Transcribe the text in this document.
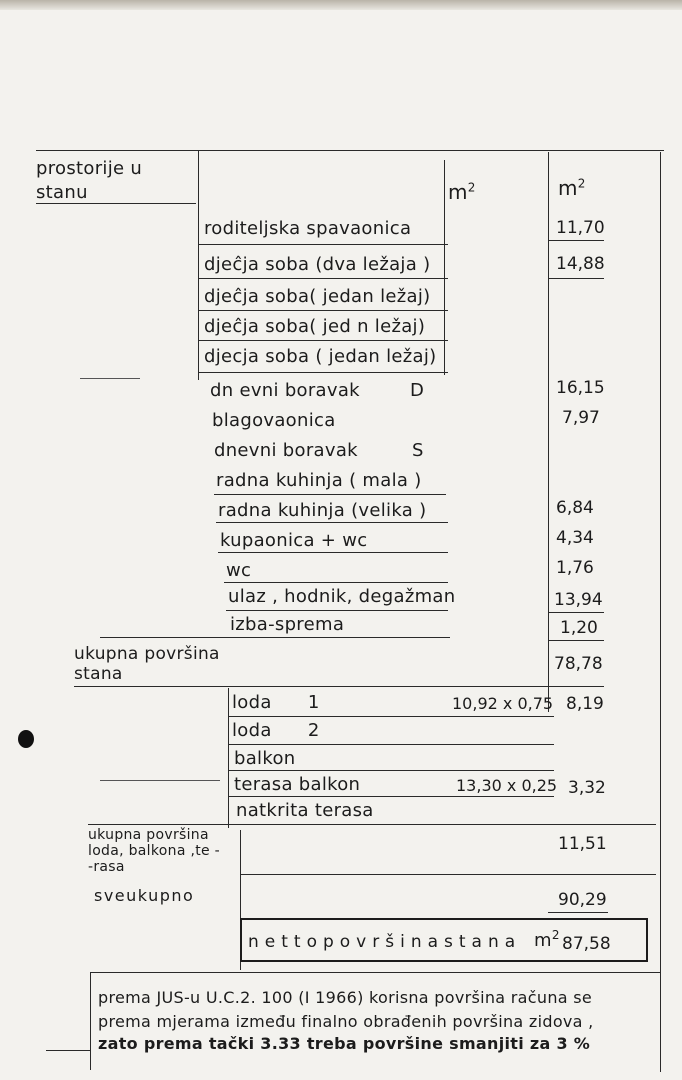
prostorije u
stanu	$m^2$	$m^2$
roditeljska spavaonica	11,70
djeĉja soba (dva ležaja )	14,88
djeĉja soba( jedan ležaj)
djeĉja soba( jed n ležaj)
djecja soba ( jedan ležaj)
dn evni boravak	D	16,15
blagovaonica	7,97
dnevni boravak	S
radna kuhinja ( mala )
radna kuhinja (velika )	6,84
kupaonica + wc	4,34
wc	1,76
ulaz , hodnik, degažman	13,94
izba-sprema	1,20
ukupna površina
stana	78,78
loda 1	10,92 x 0,75 8,19
loda 2
balkon
terasa balkon	13,30 x 0,25 3,32
natkrita terasa
ukupna površina
loda, balkona ,te -
-rasa
11,51
sveukupno	90,29
n e t t o p o v r š i n a s t a n a $m^2$ 87,58
prema JUS-u U.C.2. 100 (I 1966) korisna površina računa se
prema mjerama između finalno obrađenih površina zidova ,
zato prema tački 3.33 treba površine smanjiti za 3 %
